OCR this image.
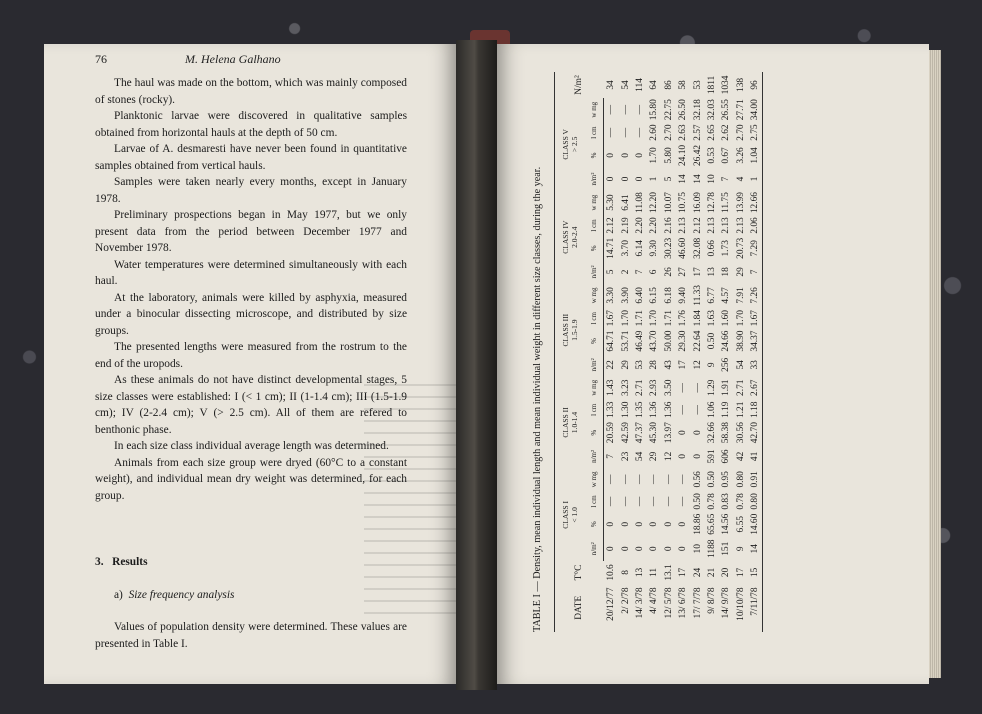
76	M. Helena Galhano

The haul was made on the bottom, which was mainly composed of stones (rocky).

Planktonic larvae were discovered in qualitative samples obtained from horizontal hauls at the depth of 50 cm.

Larvae of A. desmaresti have never been found in quantitative samples obtained from vertical hauls.

Samples were taken nearly every months, except in January 1978.

Preliminary prospections began in May 1977, but we only present data from the period between December 1977 and November 1978.

Water temperatures were determined simultaneously with each haul.

At the laboratory, animals were killed by asphyxia, measured under a binocular dissecting microscope, and distributed by size groups.

The presented lengths were measured from the rostrum to the end of the uropods.

As these animals do not have distinct developmental stages, 5 size classes were established: I (< 1 cm); II (1-1.4 cm); III (1.5-1.9 cm); IV (2-2.4 cm); V (> 2.5 cm). All of them are refered to benthonic phase.

In each size class individual average length was determined.

Animals from each size group were dryed (60°C to a constant weight), and individual mean dry weight was determined, for each group.

3. Results

a) Size frequency analysis

Values of population density were determined. These values are presented in Table I.

TABLE I — Density, mean individual length and mean individual weight in different size classes, during the year.	DATE	T°C	CLASS I
< 1.0				CLASS II
1.0-1.4				CLASS III
1.5-1.9				CLASS IV
2.0-2.4				CLASS V
> 2.5				N/m²
		n/m²	%	l cm	w mg	n/m²	%	l cm	w mg	n/m²	%	l cm	w mg	n/m²	%	l cm	w mg	n/m²	%	l cm	w mg	
20/12/77	10.6	0	0	—	—	7	20.59	1.33	1.43	22	64.71	1.67	3.30	5	14.71	2.12	5.30	0	0	—	—	34
2/ 2/78	8	0	0	—	—	23	42.59	1.30	3.23	29	53.71	1.70	3.90	2	3.70	2.19	6.41	0	0	—	—	54
14/ 3/78	13	0	0	—	—	54	47.37	1.35	2.71	53	46.49	1.71	6.40	7	6.14	2.20	11.08	0	0	—	—	114
4/ 4/78	11	0	0	—	—	29	45.30	1.36	2.93	28	43.70	1.70	6.15	6	9.30	2.20	12.20	1	1.70	2.60	15.80	64
12/ 5/78	13.1	0	0	—	—	12	13.97	1.36	3.50	43	50.00	1.71	6.18	26	30.23	2.16	10.07	5	5.80	2.70	22.75	86
13/ 6/78	17	0	0	—	—	0	0	—	—	17	29.30	1.76	9.40	27	46.60	2.13	10.75	14	24.10	2.63	26.50	58
17/ 7/78	24	10	18.86	0.50	0.56	0	0	—	—	12	22.64	1.84	11.33	17	32.08	2.12	16.09	14	26.42	2.57	32.18	53
9/ 8/78	21	1188	65.65	0.78	0.50	591	32.66	1.06	1.29	9	0.50	1.63	6.77	13	0.66	2.13	12.78	10	0.53	2.65	32.03	1811
14/ 9/78	20	151	14.56	0.83	0.95	606	58.38	1.19	1.91	256	24.66	1.60	4.57	18	1.73	2.13	11.75	7	0.67	2.62	26.55	1034
10/10/78	17	9	6.55	0.78	0.80	42	30.56	1.21	2.71	54	38.90	1.70	7.91	29	20.73	2.13	13.99	4	3.26	2.70	27.71	138
7/11/78	15	14	14.60	0.80	0.91	41	42.70	1.18	2.67	33	34.37	1.67	7.26	7	7.29	2.06	12.66	1	1.04	2.75	34.00	96
